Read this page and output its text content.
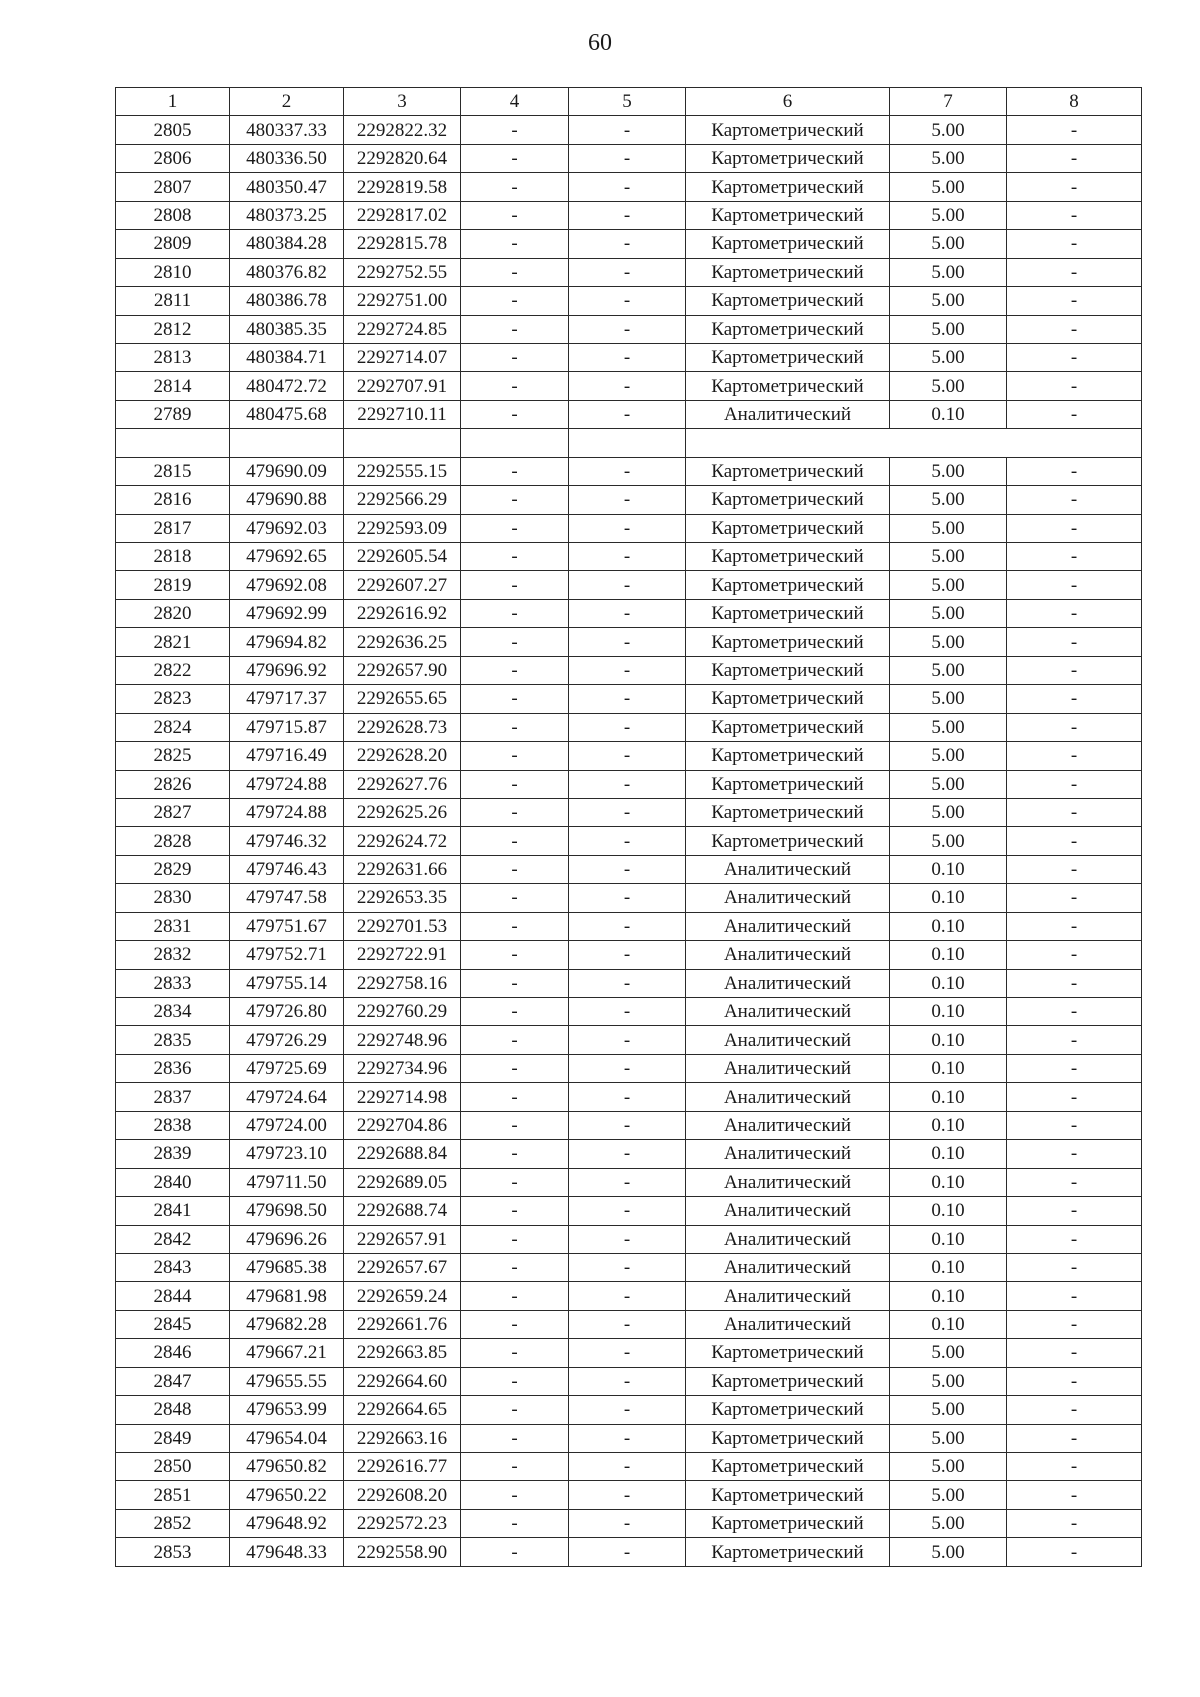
60
1	2	3	4	5	6	7	8
2805	480337.33	2292822.32	-	-	Картометрический	5.00	-
2806	480336.50	2292820.64	-	-	Картометрический	5.00	-
2807	480350.47	2292819.58	-	-	Картометрический	5.00	-
2808	480373.25	2292817.02	-	-	Картометрический	5.00	-
2809	480384.28	2292815.78	-	-	Картометрический	5.00	-
2810	480376.82	2292752.55	-	-	Картометрический	5.00	-
2811	480386.78	2292751.00	-	-	Картометрический	5.00	-
2812	480385.35	2292724.85	-	-	Картометрический	5.00	-
2813	480384.71	2292714.07	-	-	Картометрический	5.00	-
2814	480472.72	2292707.91	-	-	Картометрический	5.00	-
2789	480475.68	2292710.11	-	-	Аналитический	0.10	-

2815	479690.09	2292555.15	-	-	Картометрический	5.00	-
2816	479690.88	2292566.29	-	-	Картометрический	5.00	-
2817	479692.03	2292593.09	-	-	Картометрический	5.00	-
2818	479692.65	2292605.54	-	-	Картометрический	5.00	-
2819	479692.08	2292607.27	-	-	Картометрический	5.00	-
2820	479692.99	2292616.92	-	-	Картометрический	5.00	-
2821	479694.82	2292636.25	-	-	Картометрический	5.00	-
2822	479696.92	2292657.90	-	-	Картометрический	5.00	-
2823	479717.37	2292655.65	-	-	Картометрический	5.00	-
2824	479715.87	2292628.73	-	-	Картометрический	5.00	-
2825	479716.49	2292628.20	-	-	Картометрический	5.00	-
2826	479724.88	2292627.76	-	-	Картометрический	5.00	-
2827	479724.88	2292625.26	-	-	Картометрический	5.00	-
2828	479746.32	2292624.72	-	-	Картометрический	5.00	-
2829	479746.43	2292631.66	-	-	Аналитический	0.10	-
2830	479747.58	2292653.35	-	-	Аналитический	0.10	-
2831	479751.67	2292701.53	-	-	Аналитический	0.10	-
2832	479752.71	2292722.91	-	-	Аналитический	0.10	-
2833	479755.14	2292758.16	-	-	Аналитический	0.10	-
2834	479726.80	2292760.29	-	-	Аналитический	0.10	-
2835	479726.29	2292748.96	-	-	Аналитический	0.10	-
2836	479725.69	2292734.96	-	-	Аналитический	0.10	-
2837	479724.64	2292714.98	-	-	Аналитический	0.10	-
2838	479724.00	2292704.86	-	-	Аналитический	0.10	-
2839	479723.10	2292688.84	-	-	Аналитический	0.10	-
2840	479711.50	2292689.05	-	-	Аналитический	0.10	-
2841	479698.50	2292688.74	-	-	Аналитический	0.10	-
2842	479696.26	2292657.91	-	-	Аналитический	0.10	-
2843	479685.38	2292657.67	-	-	Аналитический	0.10	-
2844	479681.98	2292659.24	-	-	Аналитический	0.10	-
2845	479682.28	2292661.76	-	-	Аналитический	0.10	-
2846	479667.21	2292663.85	-	-	Картометрический	5.00	-
2847	479655.55	2292664.60	-	-	Картометрический	5.00	-
2848	479653.99	2292664.65	-	-	Картометрический	5.00	-
2849	479654.04	2292663.16	-	-	Картометрический	5.00	-
2850	479650.82	2292616.77	-	-	Картометрический	5.00	-
2851	479650.22	2292608.20	-	-	Картометрический	5.00	-
2852	479648.92	2292572.23	-	-	Картометрический	5.00	-
2853	479648.33	2292558.90	-	-	Картометрический	5.00	-
